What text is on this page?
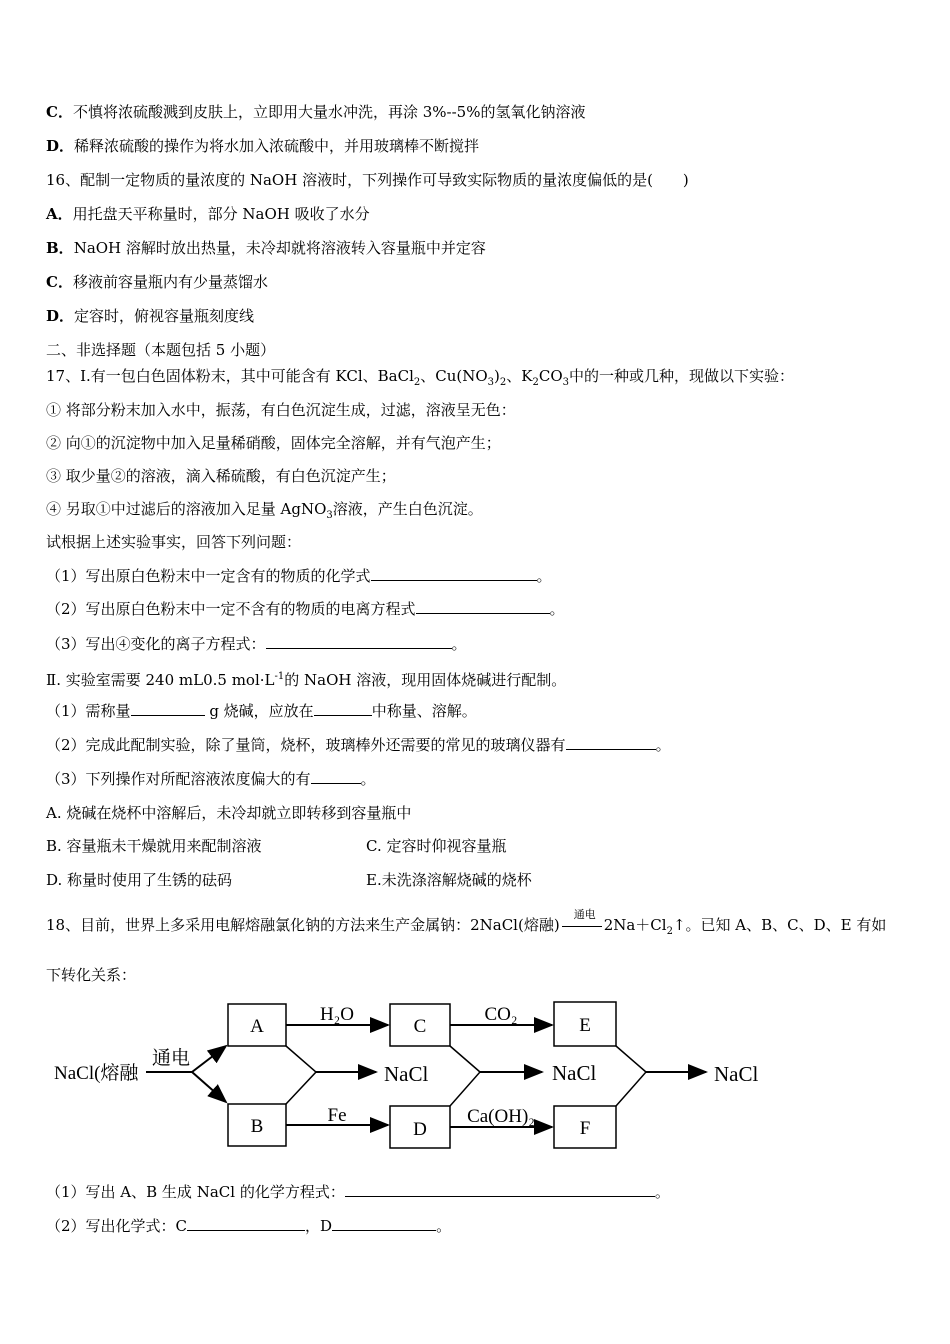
C．不慎将浓硫酸溅到皮肤上，立即用大量水冲洗，再涂 3%--5%的氢氧化钠溶液
D．稀释浓硫酸的操作为将水加入浓硫酸中，并用玻璃棒不断搅拌
16、配制一定物质的量浓度的 NaOH 溶液时，下列操作可导致实际物质的量浓度偏低的是(　　)
A．用托盘天平称量时，部分 NaOH 吸收了水分
B．NaOH 溶解时放出热量，未冷却就将溶液转入容量瓶中并定容
C．移液前容量瓶内有少量蒸馏水
D．定容时，俯视容量瓶刻度线
二、非选择题（本题包括 5 小题）
17、Ⅰ.有一包白色固体粉末，其中可能含有 KCl、BaCl$_2$、$Cu(NO_3)_2$、$K_2CO_3$中的一种或几种，现做以下实验：
① 将部分粉末加入水中，振荡，有白色沉淀生成，过滤，溶液呈无色：
② 向①的沉淀物中加入足量稀硝酸，固体完全溶解，并有气泡产生；
③ 取少量②的溶液，滴入稀硫酸，有白色沉淀产生；
④ 另取①中过滤后的溶液加入足量 AgNO$_3$溶液，产生白色沉淀。
试根据上述实验事实，回答下列问题：
（1）写出原白色粉末中一定含有的物质的化学式	。
（2）写出原白色粉末中一定不含有的物质的电离方程式	。
（3）写出④变化的离子方程式：	。
Ⅱ. 实验室需要 240 mL0.5 $mol\cdot L^{-1}$的 NaOH 溶液，现用固体烧碱进行配制。
（1）需称量	g 烧碱，应放在	中称量、溶解。
（2）完成此配制实验，除了量筒，烧杯，玻璃棒外还需要的常见的玻璃仪器有	。
（3）下列操作对所配溶液浓度偏大的有	。
A. 烧碱在烧杯中溶解后，未冷却就立即转移到容量瓶中
B. 容量瓶未干燥就用来配制溶液	C. 定容时仰视容量瓶
D. 称量时使用了生锈的砝码	E.未洗涤溶解烧碱的烧杯
18、目前，世界上多采用电解熔融氯化钠的方法来生产金属钠：2NaCl(熔融)
通电
$2Na+Cl_2↑$。已知 A、B、C、D、E 有如
下转化关系：
NaCl(熔融
通电
A
B
C
D
E
F
H₂O
Fe
CO₂
Ca(OH)₂
NaCl	NaCl	NaCl
（1）写出 A、B 生成 NaCl 的化学方程式：	。
（2）写出化学式：C	，D	。
